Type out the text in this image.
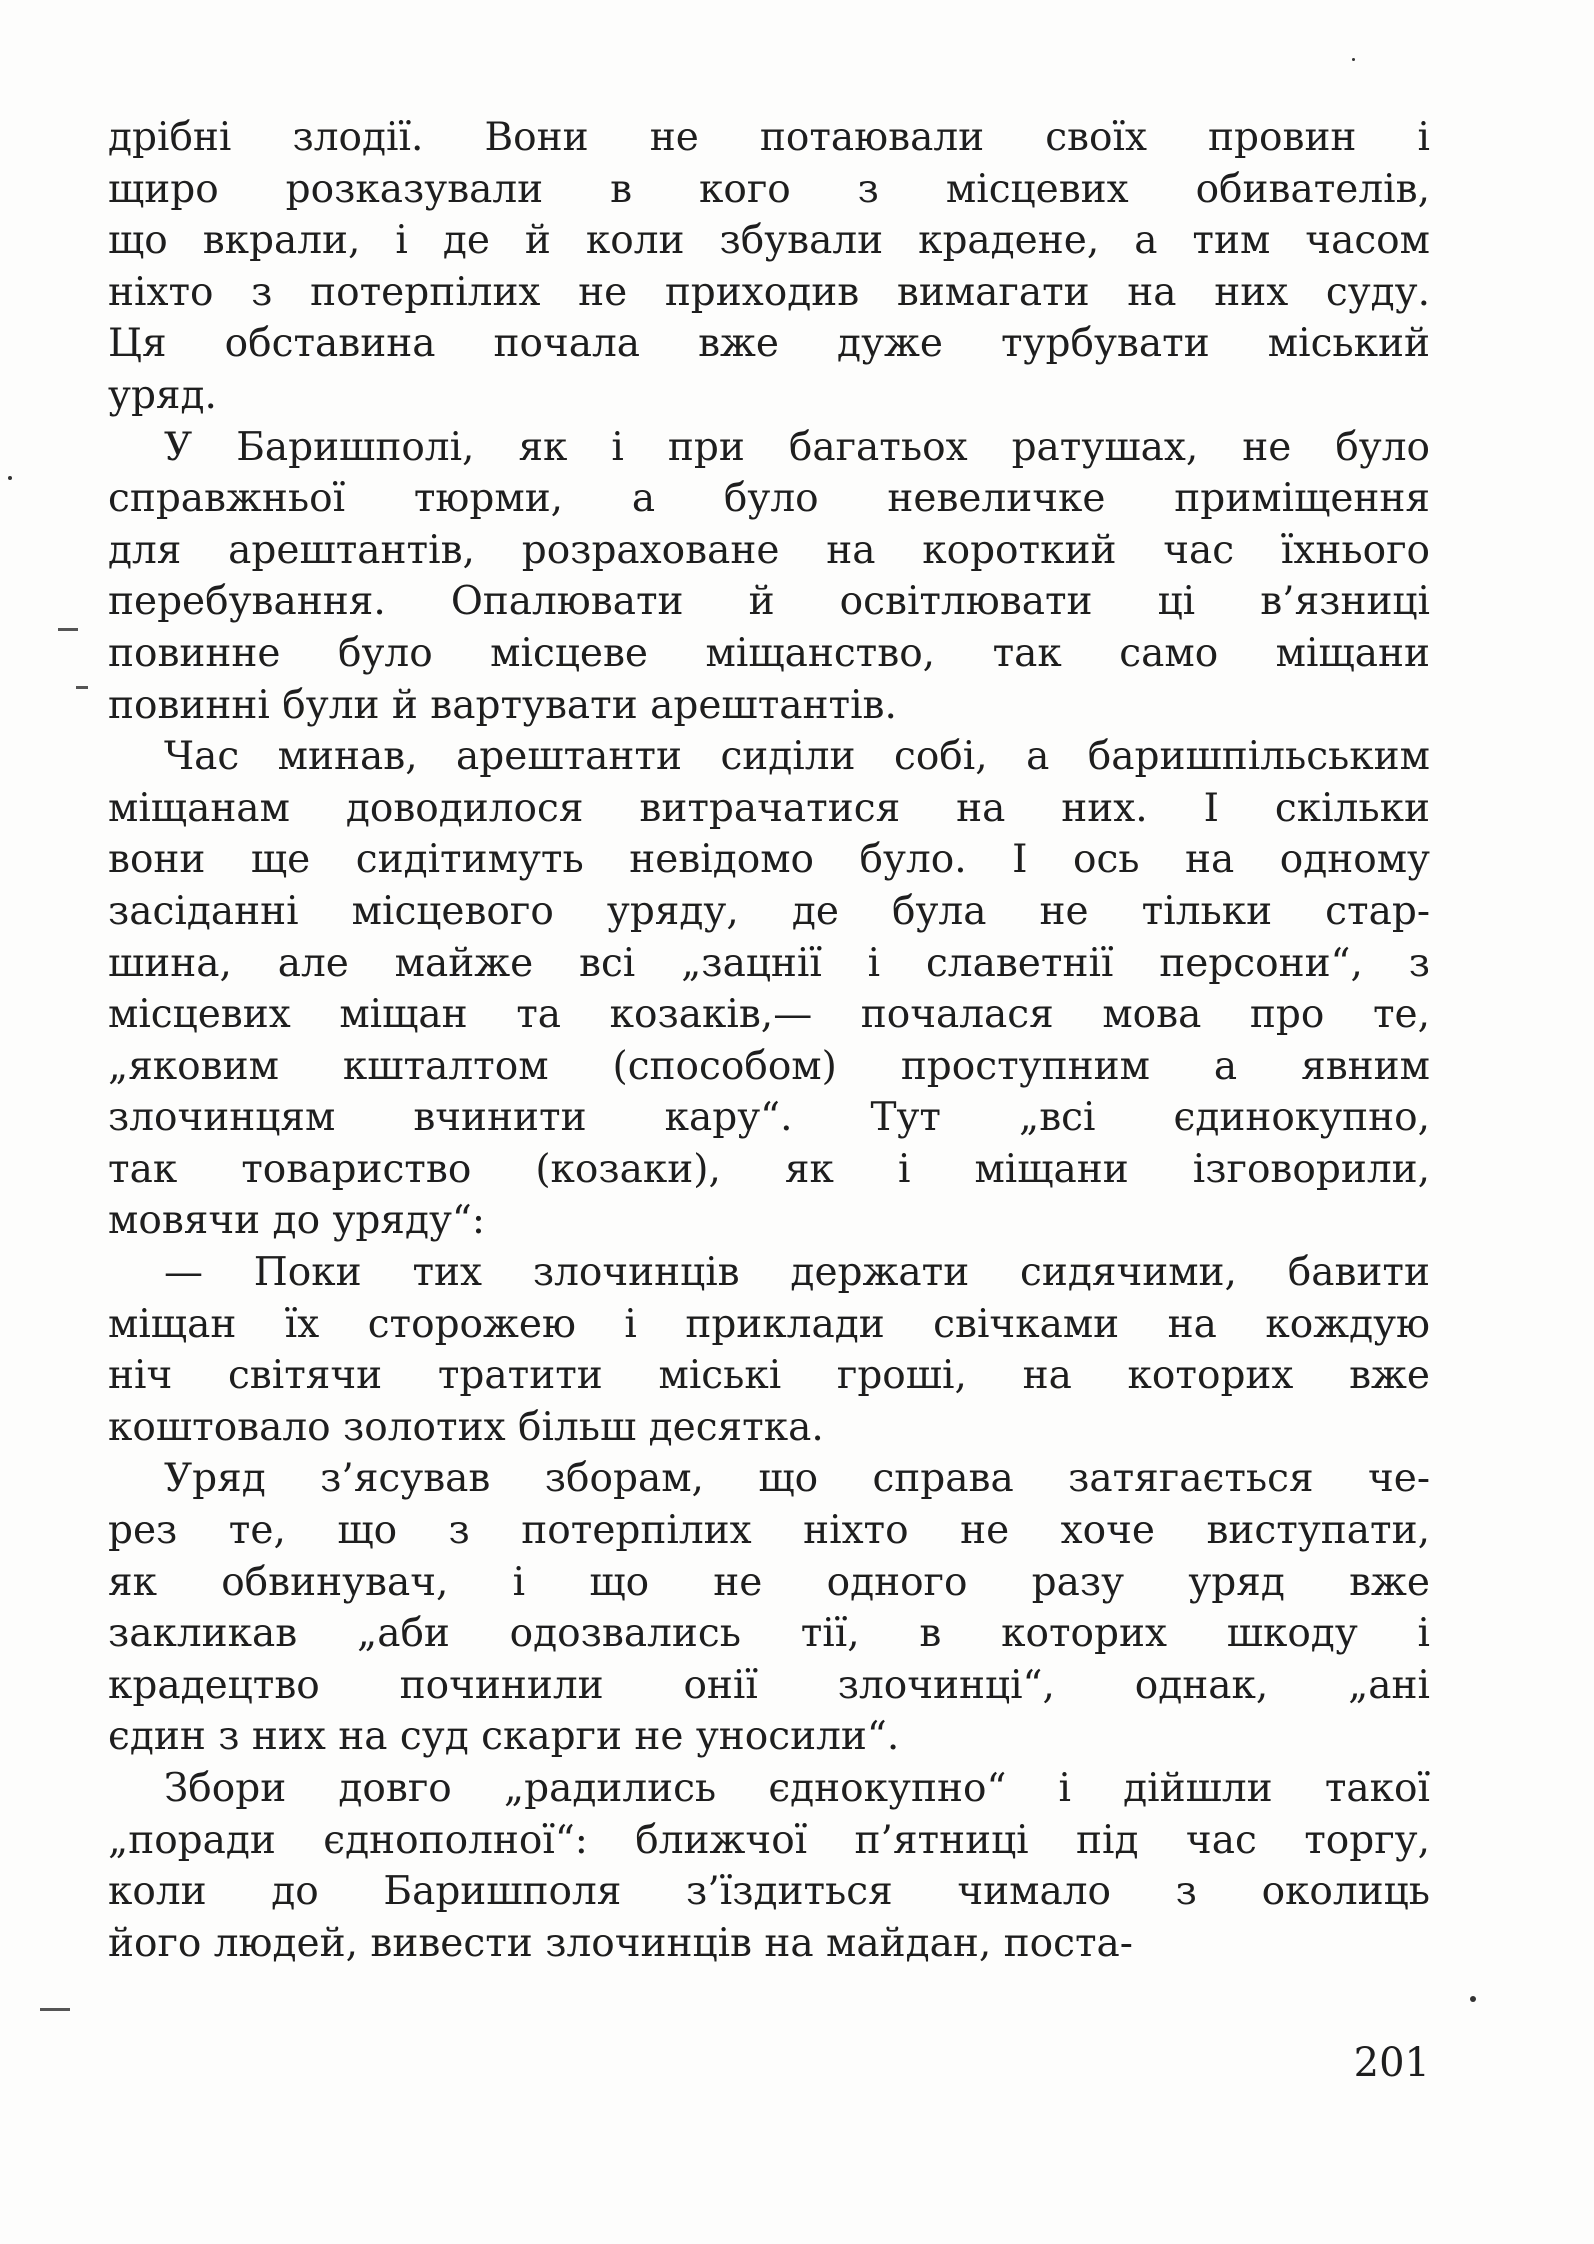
дрібні злодії. Вони не потаювали своїх провин і
щиро розказували в кого з місцевих обивателів,
що вкрали, і де й коли збували крадене, а тим часом
ніхто з потерпілих не приходив вимагати на них суду.
Ця обставина почала вже дуже турбувати міський
уряд.
У Баришполі, як і при багатьох ратушах, не було
справжньої тюрми, а було невеличке приміщення
для арештантів, розраховане на короткий час їхнього
перебування. Опалювати й освітлювати ці в’язниці
повинне було місцеве міщанство, так само міщани
повинні були й вартувати арештантів.
Час минав, арештанти сиділи собі, а баришпільським
міщанам доводилося витрачатися на них. І скільки
вони ще сидітимуть невідомо було. І ось на одному
засіданні місцевого уряду, де була не тільки стар-
шина, але майже всі „зацнії і славетнії персони“, з
місцевих міщан та козаків,— почалася мова про те,
„яковим кшталтом (способом) проступним а явним
злочинцям вчинити кару“. Тут „всі єдинокупно,
так товариство (козаки), як і міщани ізговорили,
мовячи до уряду“:
— Поки тих злочинців держати сидячими, бавити
міщан їх сторожею і приклади свічками на кождую
ніч світячи тратити міські гроші, на которих вже
коштовало золотих більш десятка.
Уряд з’ясував зборам, що справа затягається че-
рез те, що з потерпілих ніхто не хоче виступати,
як обвинувач, і що не одного разу уряд вже
закликав „аби одозвались тії, в которих шкоду і
крадецтво починили онії злочинці“, однак, „ані
єдин з них на суд скарги не уносили“.
Збори довго „радились єднокупно“ і дійшли такої
„поради єднополної“: ближчої п’ятниці під час торгу,
коли до Баришполя з’їздиться чимало з околиць
його людей, вивести злочинців на майдан, поста-
201
